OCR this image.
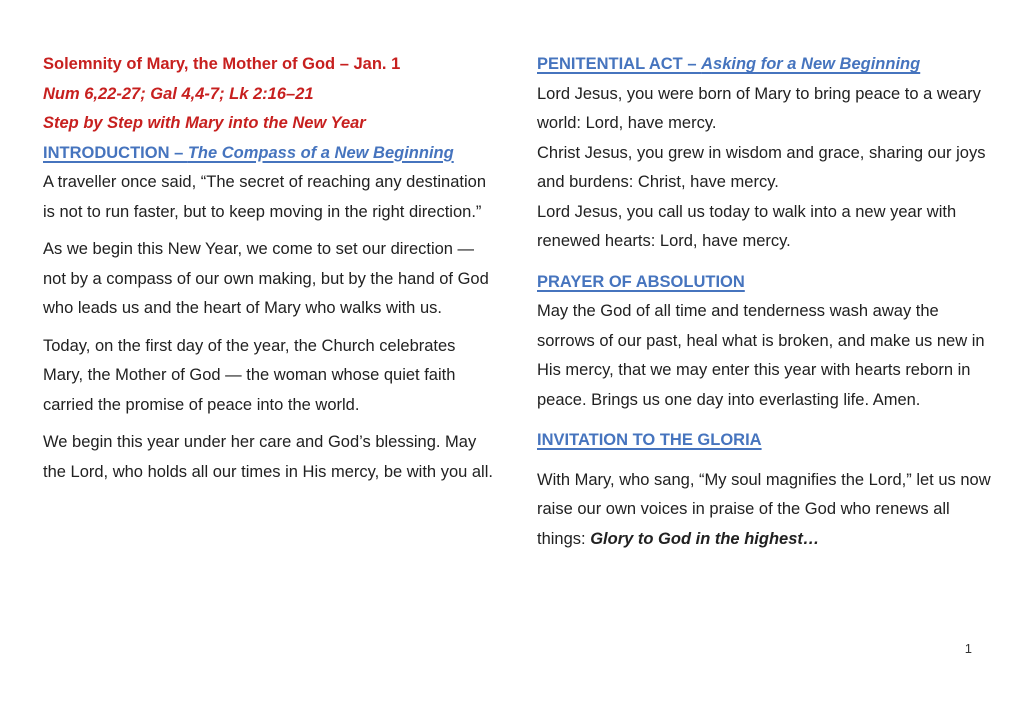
Solemnity of Mary, the Mother of God – Jan. 1
Num 6,22-27; Gal 4,4-7; Lk 2:16–21
Step by Step with Mary into the New Year
INTRODUCTION – The Compass of a New Beginning
A traveller once said, “The secret of reaching any destination is not to run faster, but to keep moving in the right direction.”
As we begin this New Year, we come to set our direction — not by a compass of our own making, but by the hand of God who leads us and the heart of Mary who walks with us.
Today, on the first day of the year, the Church celebrates Mary, the Mother of God — the woman whose quiet faith carried the promise of peace into the world.
We begin this year under her care and God’s blessing. May the Lord, who holds all our times in His mercy, be with you all.
PENITENTIAL ACT – Asking for a New Beginning
Lord Jesus, you were born of Mary to bring peace to a weary world: Lord, have mercy.
Christ Jesus, you grew in wisdom and grace, sharing our joys and burdens: Christ, have mercy.
Lord Jesus, you call us today to walk into a new year with renewed hearts: Lord, have mercy.
PRAYER OF ABSOLUTION
May the God of all time and tenderness wash away the sorrows of our past, heal what is broken, and make us new in His mercy, that we may enter this year with hearts reborn in peace. Brings us one day into everlasting life. Amen.
INVITATION TO THE GLORIA
With Mary, who sang, “My soul magnifies the Lord,” let us now raise our own voices in praise of the God who renews all things: Glory to God in the highest…
1
